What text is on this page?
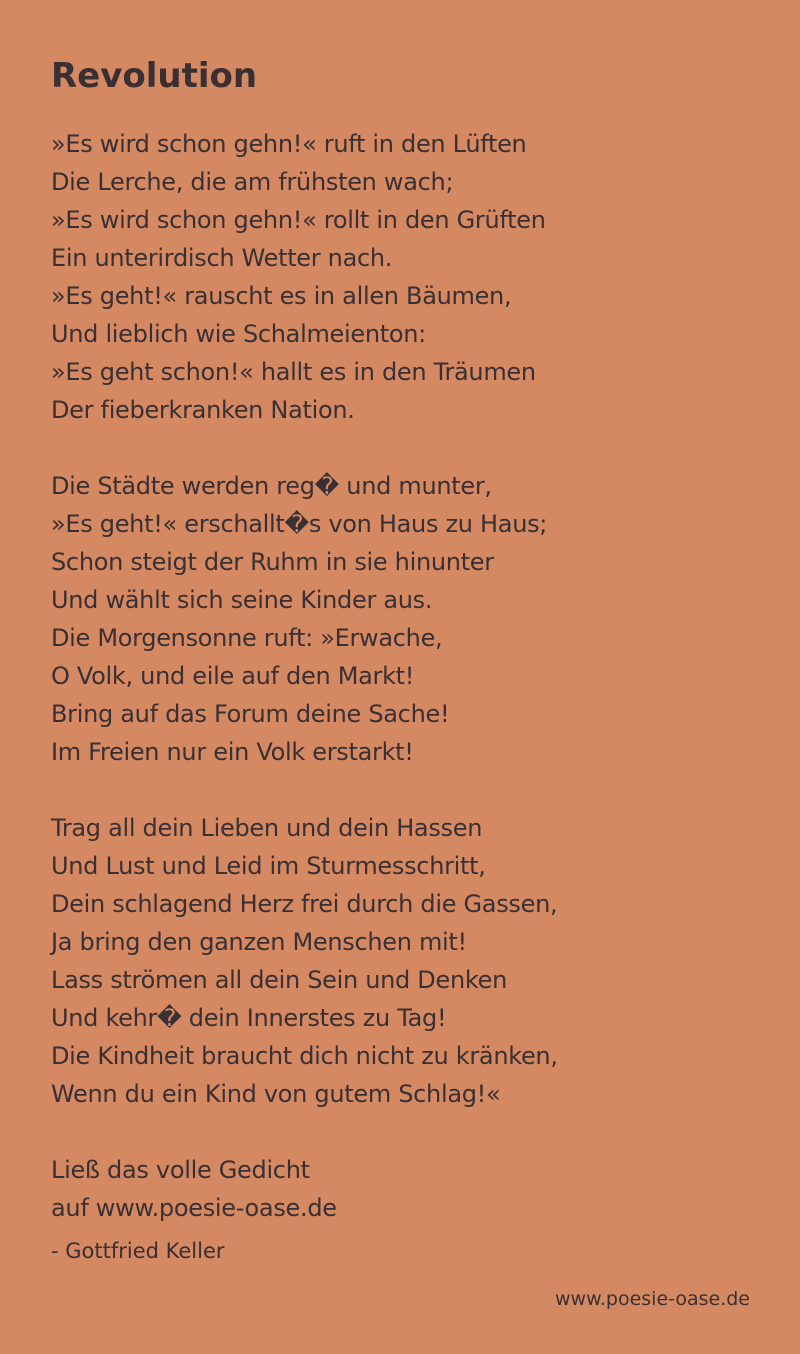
Revolution
»Es wird schon gehn!« ruft in den Lüften
Die Lerche, die am frühsten wach;
»Es wird schon gehn!« rollt in den Grüften
Ein unterirdisch Wetter nach.
»Es geht!« rauscht es in allen Bäumen,
Und lieblich wie Schalmeienton:
»Es geht schon!« hallt es in den Träumen
Der fieberkranken Nation.
Die Städte werden reg� und munter,
»Es geht!« erschallt�s von Haus zu Haus;
Schon steigt der Ruhm in sie hinunter
Und wählt sich seine Kinder aus.
Die Morgensonne ruft: »Erwache,
O Volk, und eile auf den Markt!
Bring auf das Forum deine Sache!
Im Freien nur ein Volk erstarkt!
Trag all dein Lieben und dein Hassen
Und Lust und Leid im Sturmesschritt,
Dein schlagend Herz frei durch die Gassen,
Ja bring den ganzen Menschen mit!
Lass strömen all dein Sein und Denken
Und kehr� dein Innerstes zu Tag!
Die Kindheit braucht dich nicht zu kränken,
Wenn du ein Kind von gutem Schlag!«
Ließ das volle Gedicht
auf www.poesie-oase.de
- Gottfried Keller
www.poesie-oase.de
